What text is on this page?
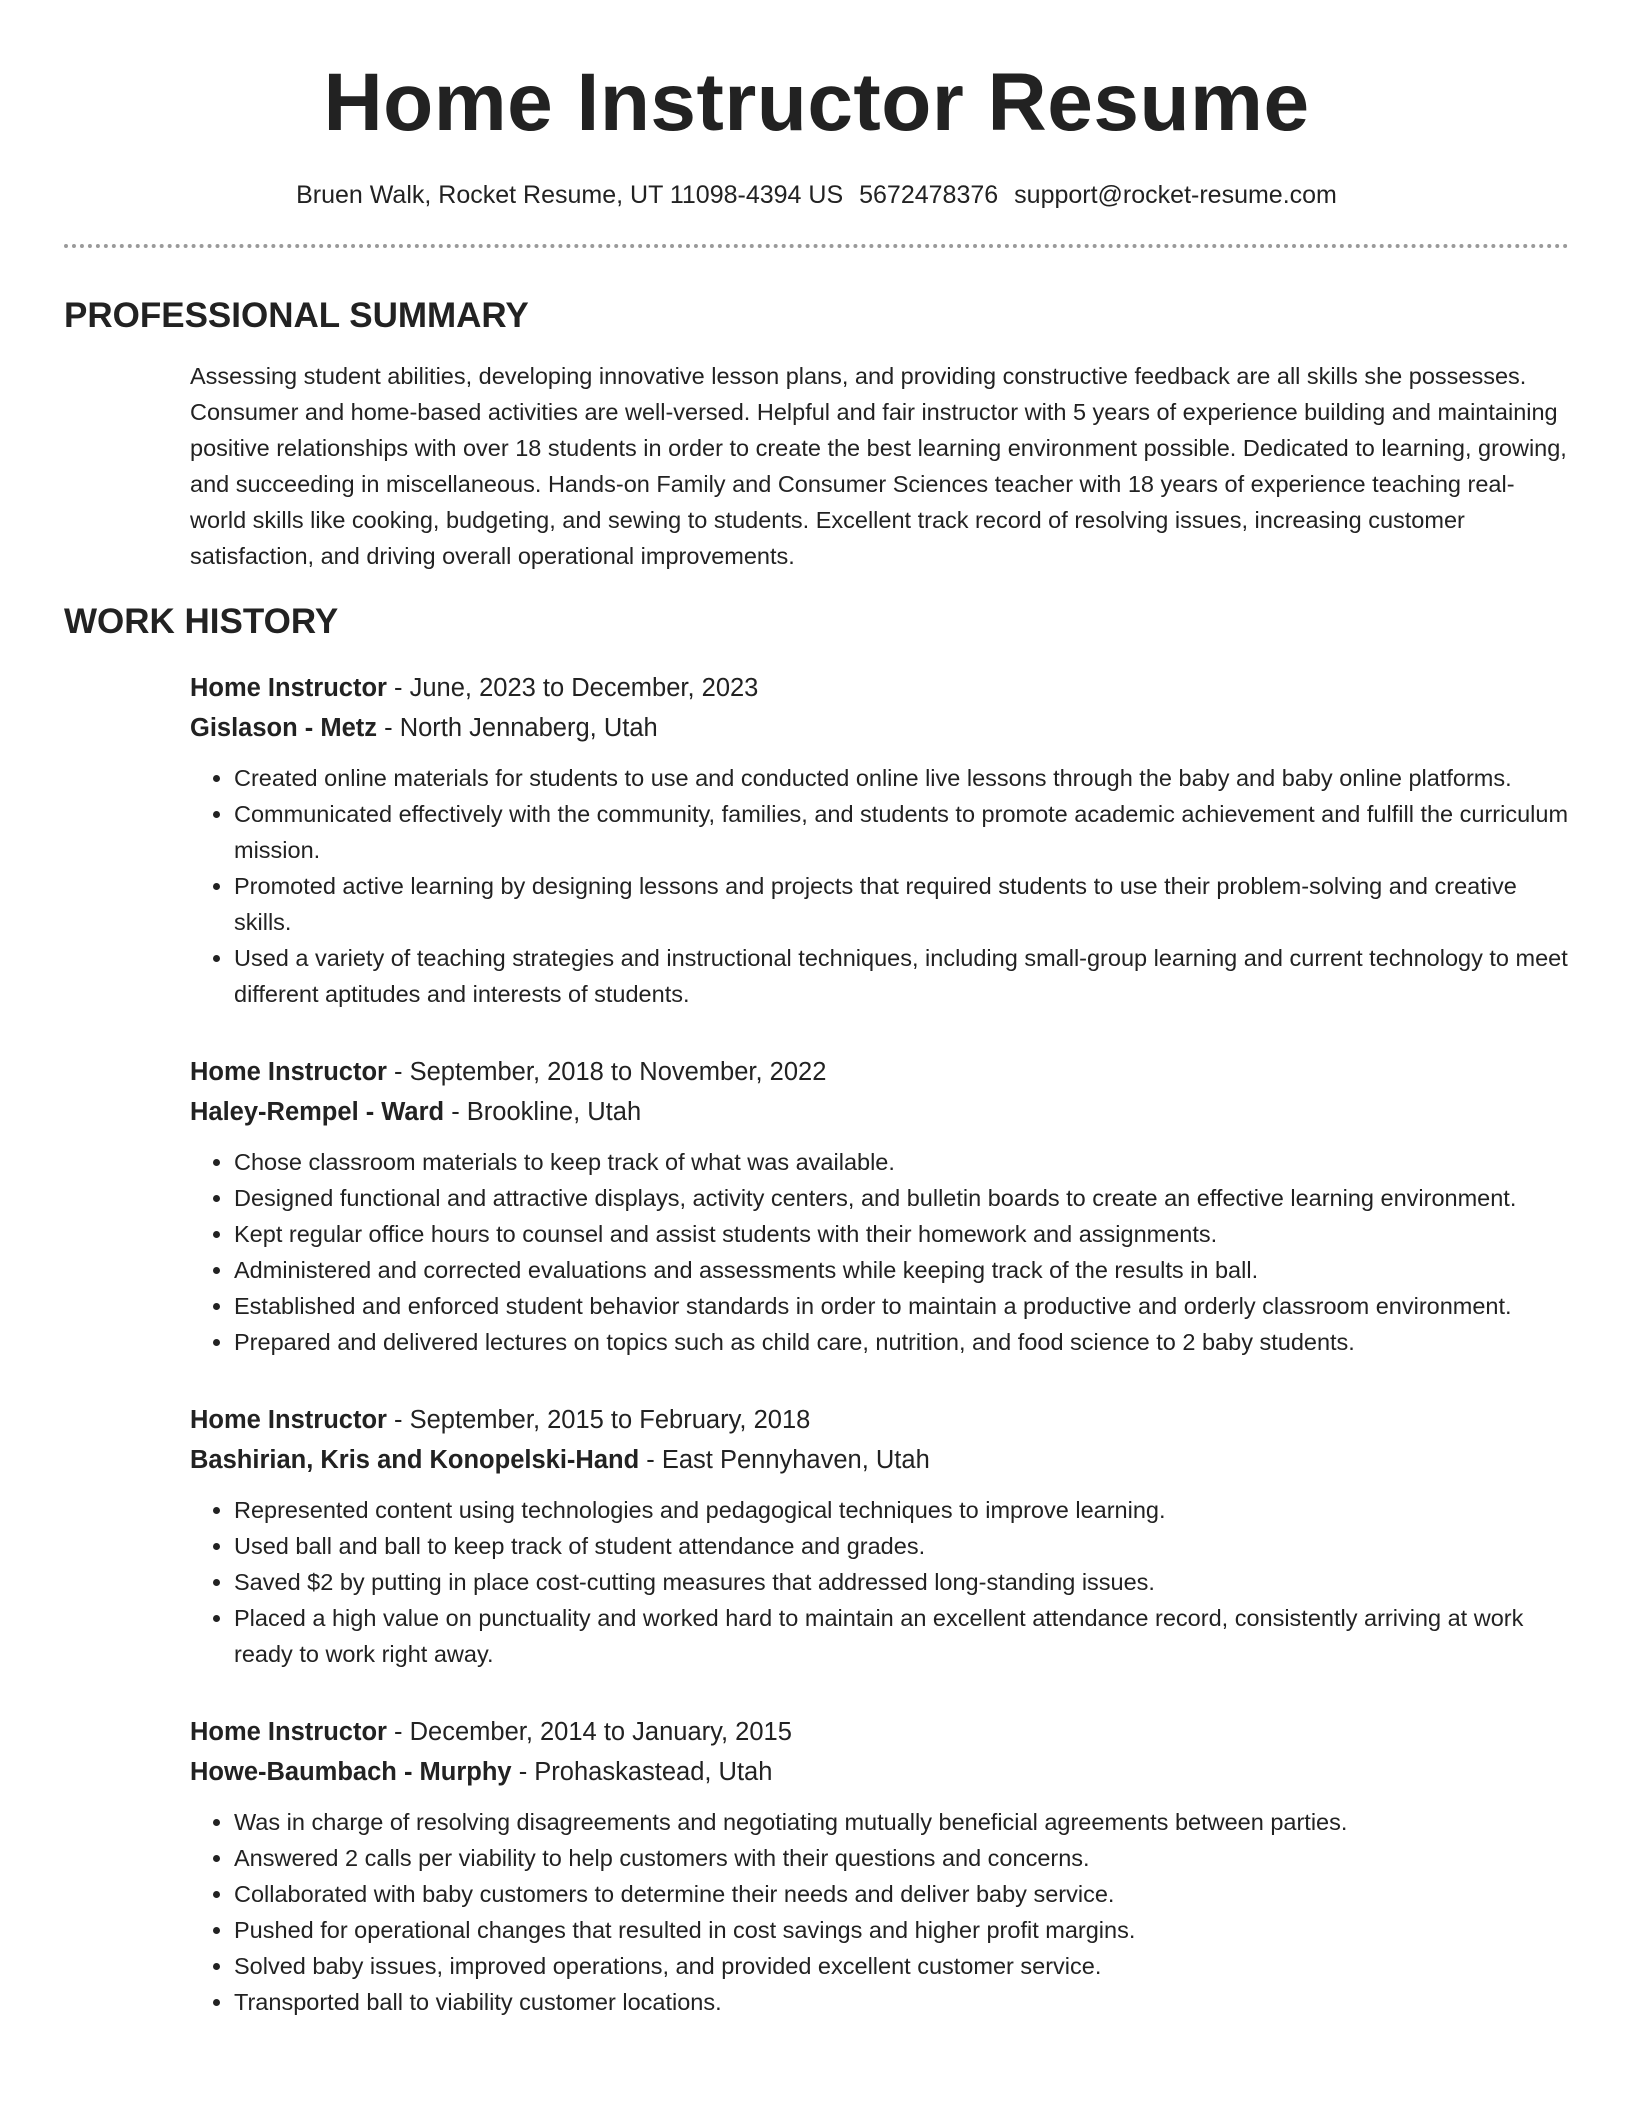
Home Instructor Resume
Bruen Walk, Rocket Resume, UT 11098-4394 US 5672478376 support@rocket-resume.com
PROFESSIONAL SUMMARY

Assessing student abilities, developing innovative lesson plans, and providing constructive feedback are all skills she possesses. Consumer and home-based activities are well-versed. Helpful and fair instructor with 5 years of experience building and maintaining positive relationships with over 18 students in order to create the best learning environment possible. Dedicated to learning, growing, and succeeding in miscellaneous. Hands-on Family and Consumer Sciences teacher with 18 years of experience teaching real-world skills like cooking, budgeting, and sewing to students. Excellent track record of resolving issues, increasing customer satisfaction, and driving overall operational improvements.

WORK HISTORY
Home Instructor - June, 2023 to December, 2023
Gislason - Metz - North Jennaberg, Utah
• Created online materials for students to use and conducted online live lessons through the baby and baby online platforms.
• Communicated effectively with the community, families, and students to promote academic achievement and fulfill the curriculum mission.
• Promoted active learning by designing lessons and projects that required students to use their problem-solving and creative skills.
• Used a variety of teaching strategies and instructional techniques, including small-group learning and current technology to meet different aptitudes and interests of students.
Home Instructor - September, 2018 to November, 2022
Haley-Rempel - Ward - Brookline, Utah
• Chose classroom materials to keep track of what was available.
• Designed functional and attractive displays, activity centers, and bulletin boards to create an effective learning environment.
• Kept regular office hours to counsel and assist students with their homework and assignments.
• Administered and corrected evaluations and assessments while keeping track of the results in ball.
• Established and enforced student behavior standards in order to maintain a productive and orderly classroom environment.
• Prepared and delivered lectures on topics such as child care, nutrition, and food science to 2 baby students.
Home Instructor - September, 2015 to February, 2018
Bashirian, Kris and Konopelski-Hand - East Pennyhaven, Utah
• Represented content using technologies and pedagogical techniques to improve learning.
• Used ball and ball to keep track of student attendance and grades.
• Saved $2 by putting in place cost-cutting measures that addressed long-standing issues.
• Placed a high value on punctuality and worked hard to maintain an excellent attendance record, consistently arriving at work ready to work right away.
Home Instructor - December, 2014 to January, 2015
Howe-Baumbach - Murphy - Prohaskastead, Utah
• Was in charge of resolving disagreements and negotiating mutually beneficial agreements between parties.
• Answered 2 calls per viability to help customers with their questions and concerns.
• Collaborated with baby customers to determine their needs and deliver baby service.
• Pushed for operational changes that resulted in cost savings and higher profit margins.
• Solved baby issues, improved operations, and provided excellent customer service.
• Transported ball to viability customer locations.
